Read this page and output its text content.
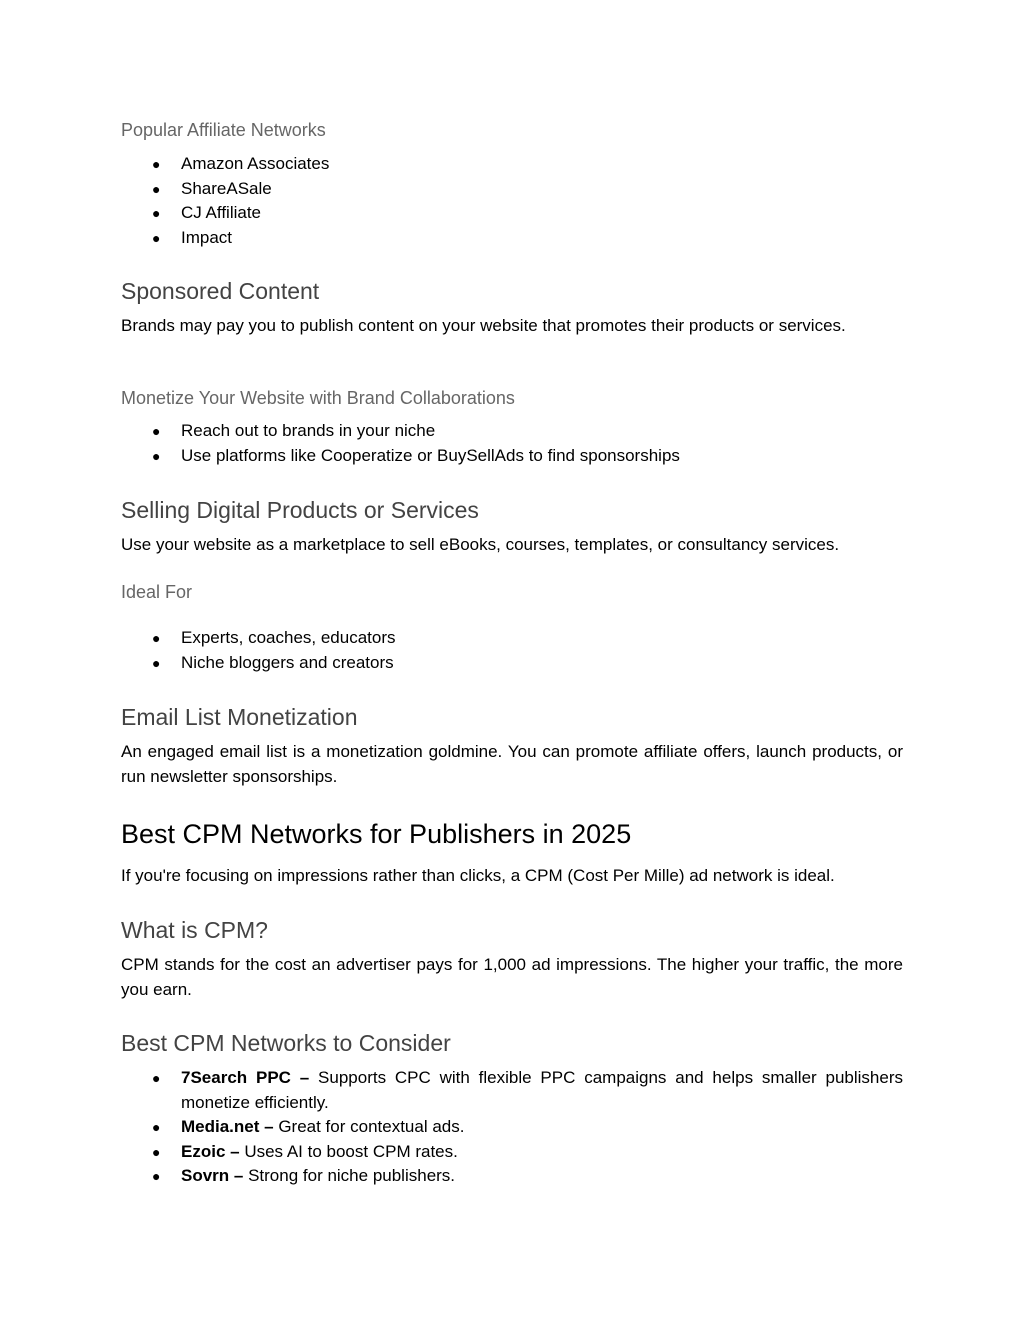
Popular Affiliate Networks
● Amazon Associates
● ShareASale
● CJ Affiliate
● Impact
Sponsored Content
Brands may pay you to publish content on your website that promotes their products or services.
Monetize Your Website with Brand Collaborations
● Reach out to brands in your niche
● Use platforms like Cooperatize or BuySellAds to find sponsorships
Selling Digital Products or Services
Use your website as a marketplace to sell eBooks, courses, templates, or consultancy services.
Ideal For
● Experts, coaches, educators
● Niche bloggers and creators
Email List Monetization
An engaged email list is a monetization goldmine. You can promote affiliate offers, launch products, or run newsletter sponsorships.
Best CPM Networks for Publishers in 2025
If you're focusing on impressions rather than clicks, a CPM (Cost Per Mille) ad network is ideal.
What is CPM?
CPM stands for the cost an advertiser pays for 1,000 ad impressions. The higher your traffic, the more you earn.
Best CPM Networks to Consider
● 7Search PPC – Supports CPC with flexible PPC campaigns and helps smaller publishers monetize efficiently.
● Media.net – Great for contextual ads.
● Ezoic – Uses AI to boost CPM rates.
● Sovrn – Strong for niche publishers.
